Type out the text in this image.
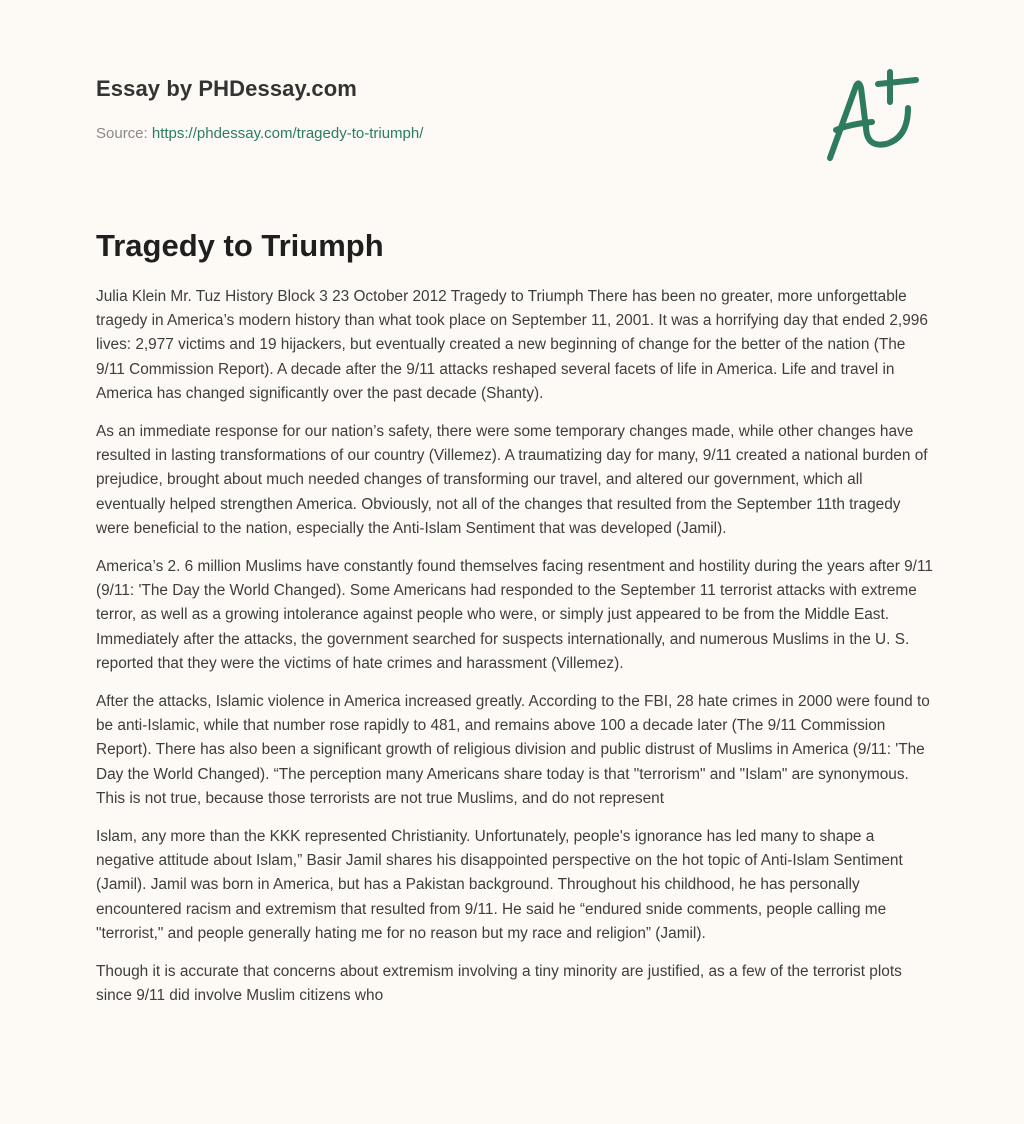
Essay by PHDessay.com
Source: https://phdessay.com/tragedy-to-triumph/
Tragedy to Triumph

Julia Klein Mr. Tuz History Block 3 23 October 2012 Tragedy to Triumph There has been no greater, more unforgettable tragedy in America’s modern history than what took place on September 11, 2001. It was a horrifying day that ended 2,996 lives: 2,977 victims and 19 hijackers, but eventually created a new beginning of change for the better of the nation (The 9/11 Commission Report). A decade after the 9/11 attacks reshaped several facets of life in America. Life and travel in America has changed significantly over the past decade (Shanty).

As an immediate response for our nation’s safety, there were some temporary changes made, while other changes have resulted in lasting transformations of our country (Villemez). A traumatizing day for many, 9/11 created a national burden of prejudice, brought about much needed changes of transforming our travel, and altered our government, which all eventually helped strengthen America. Obviously, not all of the changes that resulted from the September 11th tragedy were beneficial to the nation, especially the Anti-Islam Sentiment that was developed (Jamil).

America’s 2. 6 million Muslims have constantly found themselves facing resentment and hostility during the years after 9/11 (9/11: 'The Day the World Changed). Some Americans had responded to the September 11 terrorist attacks with extreme terror, as well as a growing intolerance against people who were, or simply just appeared to be from the Middle East. Immediately after the attacks, the government searched for suspects internationally, and numerous Muslims in the U. S. reported that they were the victims of hate crimes and harassment (Villemez).

After the attacks, Islamic violence in America increased greatly. According to the FBI, 28 hate crimes in 2000 were found to be anti-Islamic, while that number rose rapidly to 481, and remains above 100 a decade later (The 9/11 Commission Report). There has also been a significant growth of religious division and public distrust of Muslims in America (9/11: 'The Day the World Changed). “The perception many Americans share today is that "terrorism" and "Islam" are synonymous. This is not true, because those terrorists are not true Muslims, and do not represent

Islam, any more than the KKK represented Christianity. Unfortunately, people's ignorance has led many to shape a negative attitude about Islam,” Basir Jamil shares his disappointed perspective on the hot topic of Anti-Islam Sentiment (Jamil). Jamil was born in America, but has a Pakistan background. Throughout his childhood, he has personally encountered racism and extremism that resulted from 9/11. He said he “endured snide comments, people calling me "terrorist," and people generally hating me for no reason but my race and religion” (Jamil).

Though it is accurate that concerns about extremism involving a tiny minority are justified, as a few of the terrorist plots since 9/11 did involve Muslim citizens who
